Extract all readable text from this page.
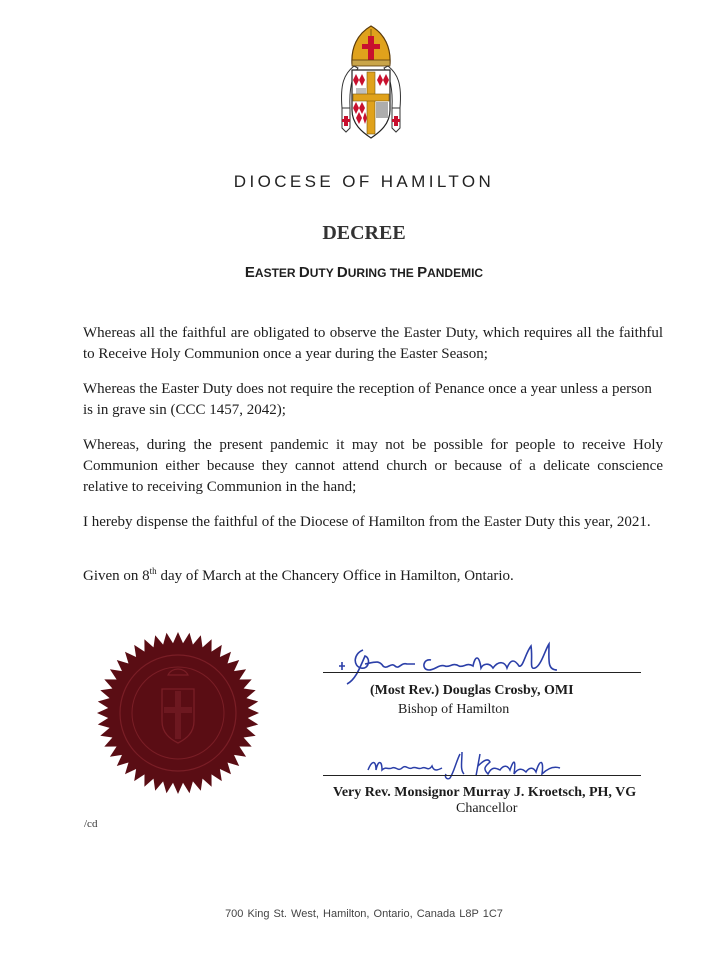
DIOCESE OF HAMILTON
DECREE
EASTER DUTY DURING THE PANDEMIC

Whereas all the faithful are obligated to observe the Easter Duty, which requires all the faithful to Receive Holy Communion once a year during the Easter Season;

Whereas the Easter Duty does not require the reception of Penance once a year unless a person is in grave sin (CCC 1457, 2042);

Whereas, during the present pandemic it may not be possible for people to receive Holy Communion either because they cannot attend church or because of a delicate conscience relative to receiving Communion in the hand;

I hereby dispense the faithful of the Diocese of Hamilton from the Easter Duty this year, 2021.

Given on 8th day of March at the Chancery Office in Hamilton, Ontario.
(Most Rev.) Douglas Crosby, OMI
Bishop of Hamilton
Very Rev. Monsignor Murray J. Kroetsch, PH, VG
Chancellor
/cd
700 King St. West, Hamilton, Ontario, Canada L8P 1C7
